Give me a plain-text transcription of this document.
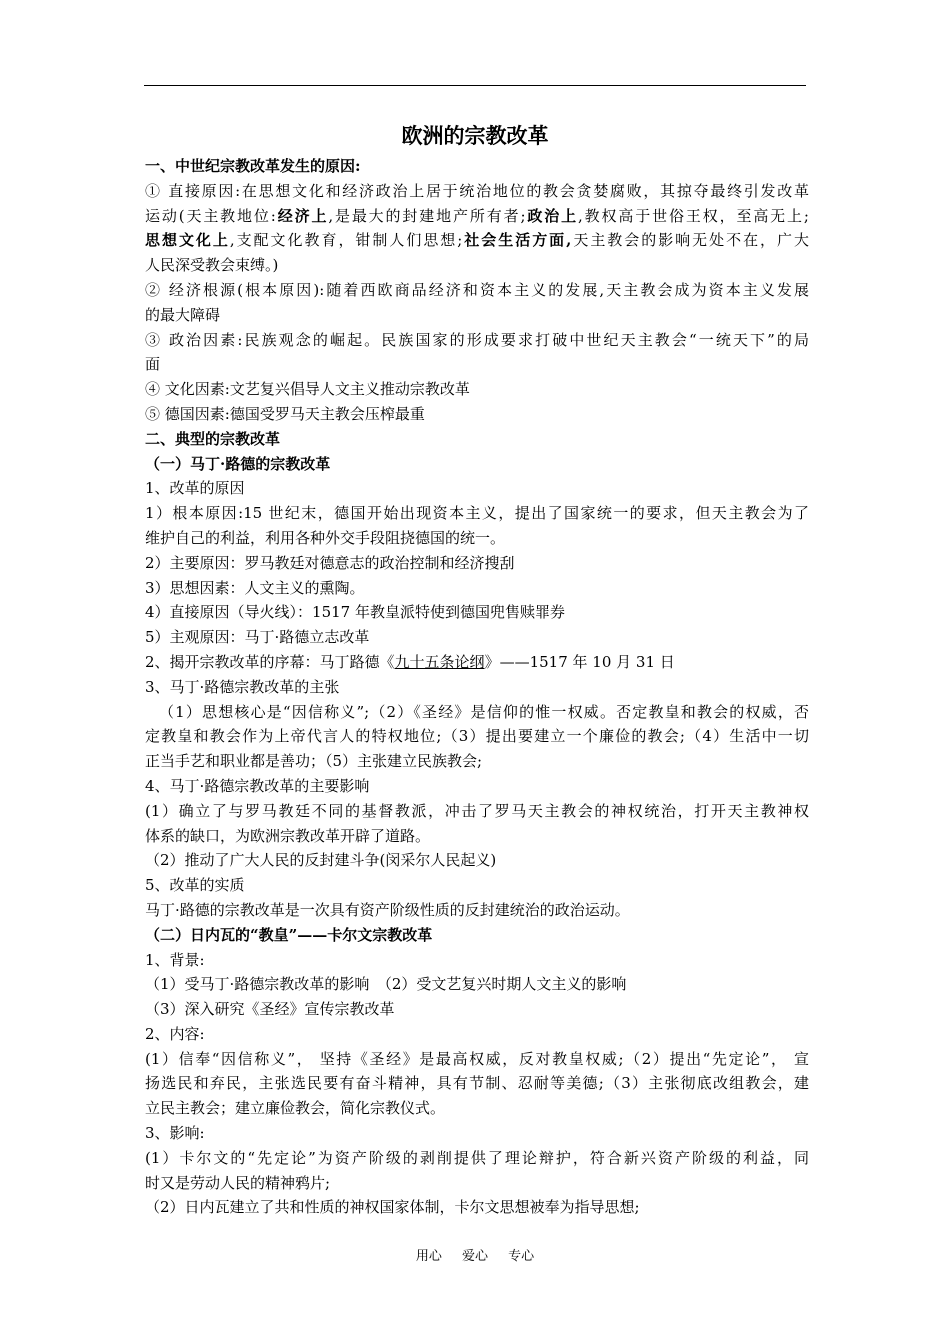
欧洲的宗教改革
一、中世纪宗教改革发生的原因:
① 直接原因:在思想文化和经济政治上居于统治地位的教会贪婪腐败，其掠夺最终引发改革
运动(天主教地位:经济上,是最大的封建地产所有者;政治上,教权高于世俗王权，至高无上;
思想文化上,支配文化教育，钳制人们思想;社会生活方面,天主教会的影响无处不在，广大
人民深受教会束缚。)
② 经济根源(根本原因):随着西欧商品经济和资本主义的发展,天主教会成为资本主义发展
的最大障碍
③ 政治因素:民族观念的崛起。民族国家的形成要求打破中世纪天主教会“一统天下”的局
面
④ 文化因素:文艺复兴倡导人文主义推动宗教改革
⑤ 德国因素:德国受罗马天主教会压榨最重
二、典型的宗教改革
（一）马丁·路德的宗教改革
1、改革的原因
1）根本原因:15 世纪末，德国开始出现资本主义，提出了国家统一的要求，但天主教会为了
维护自己的利益，利用各种外交手段阻挠德国的统一。
2）主要原因：罗马教廷对德意志的政治控制和经济搜刮
3）思想因素：人文主义的熏陶。
4）直接原因（导火线）：1517 年教皇派特使到德国兜售赎罪券
5）主观原因：马丁·路德立志改革
2、揭开宗教改革的序幕：马丁路德《九十五条论纲》——1517 年 10 月 31 日
3、马丁·路德宗教改革的主张
（1）思想核心是“因信称义”;（2）《圣经》是信仰的惟一权威。否定教皇和教会的权威，否
定教皇和教会作为上帝代言人的特权地位;（3）提出要建立一个廉俭的教会;（4）生活中一切
正当手艺和职业都是善功；（5）主张建立民族教会;
4、马丁·路德宗教改革的主要影响
(1）确立了与罗马教廷不同的基督教派，冲击了罗马天主教会的神权统治，打开天主教神权
体系的缺口，为欧洲宗教改革开辟了道路。
（2）推动了广大人民的反封建斗争(闵采尔人民起义)
5、改革的实质
马丁·路德的宗教改革是一次具有资产阶级性质的反封建统治的政治运动。
（二）日内瓦的“教皇”——卡尔文宗教改革
1、背景:
（1）受马丁·路德宗教改革的影响　（2）受文艺复兴时期人文主义的影响
（3）深入研究《圣经》宣传宗教改革
2、内容:
(1）信奉“因信称义”， 坚持《圣经》是最高权威，反对教皇权威;（2）提出“先定论”， 宣
扬选民和弃民，主张选民要有奋斗精神，具有节制、忍耐等美德;（3）主张彻底改组教会，建
立民主教会；建立廉俭教会，简化宗教仪式。
3、影响:
(1）卡尔文的“先定论”为资产阶级的剥削提供了理论辩护，符合新兴资产阶级的利益，同
时又是劳动人民的精神鸦片;
（2）日内瓦建立了共和性质的神权国家体制，卡尔文思想被奉为指导思想;
用心 爱心 专心
